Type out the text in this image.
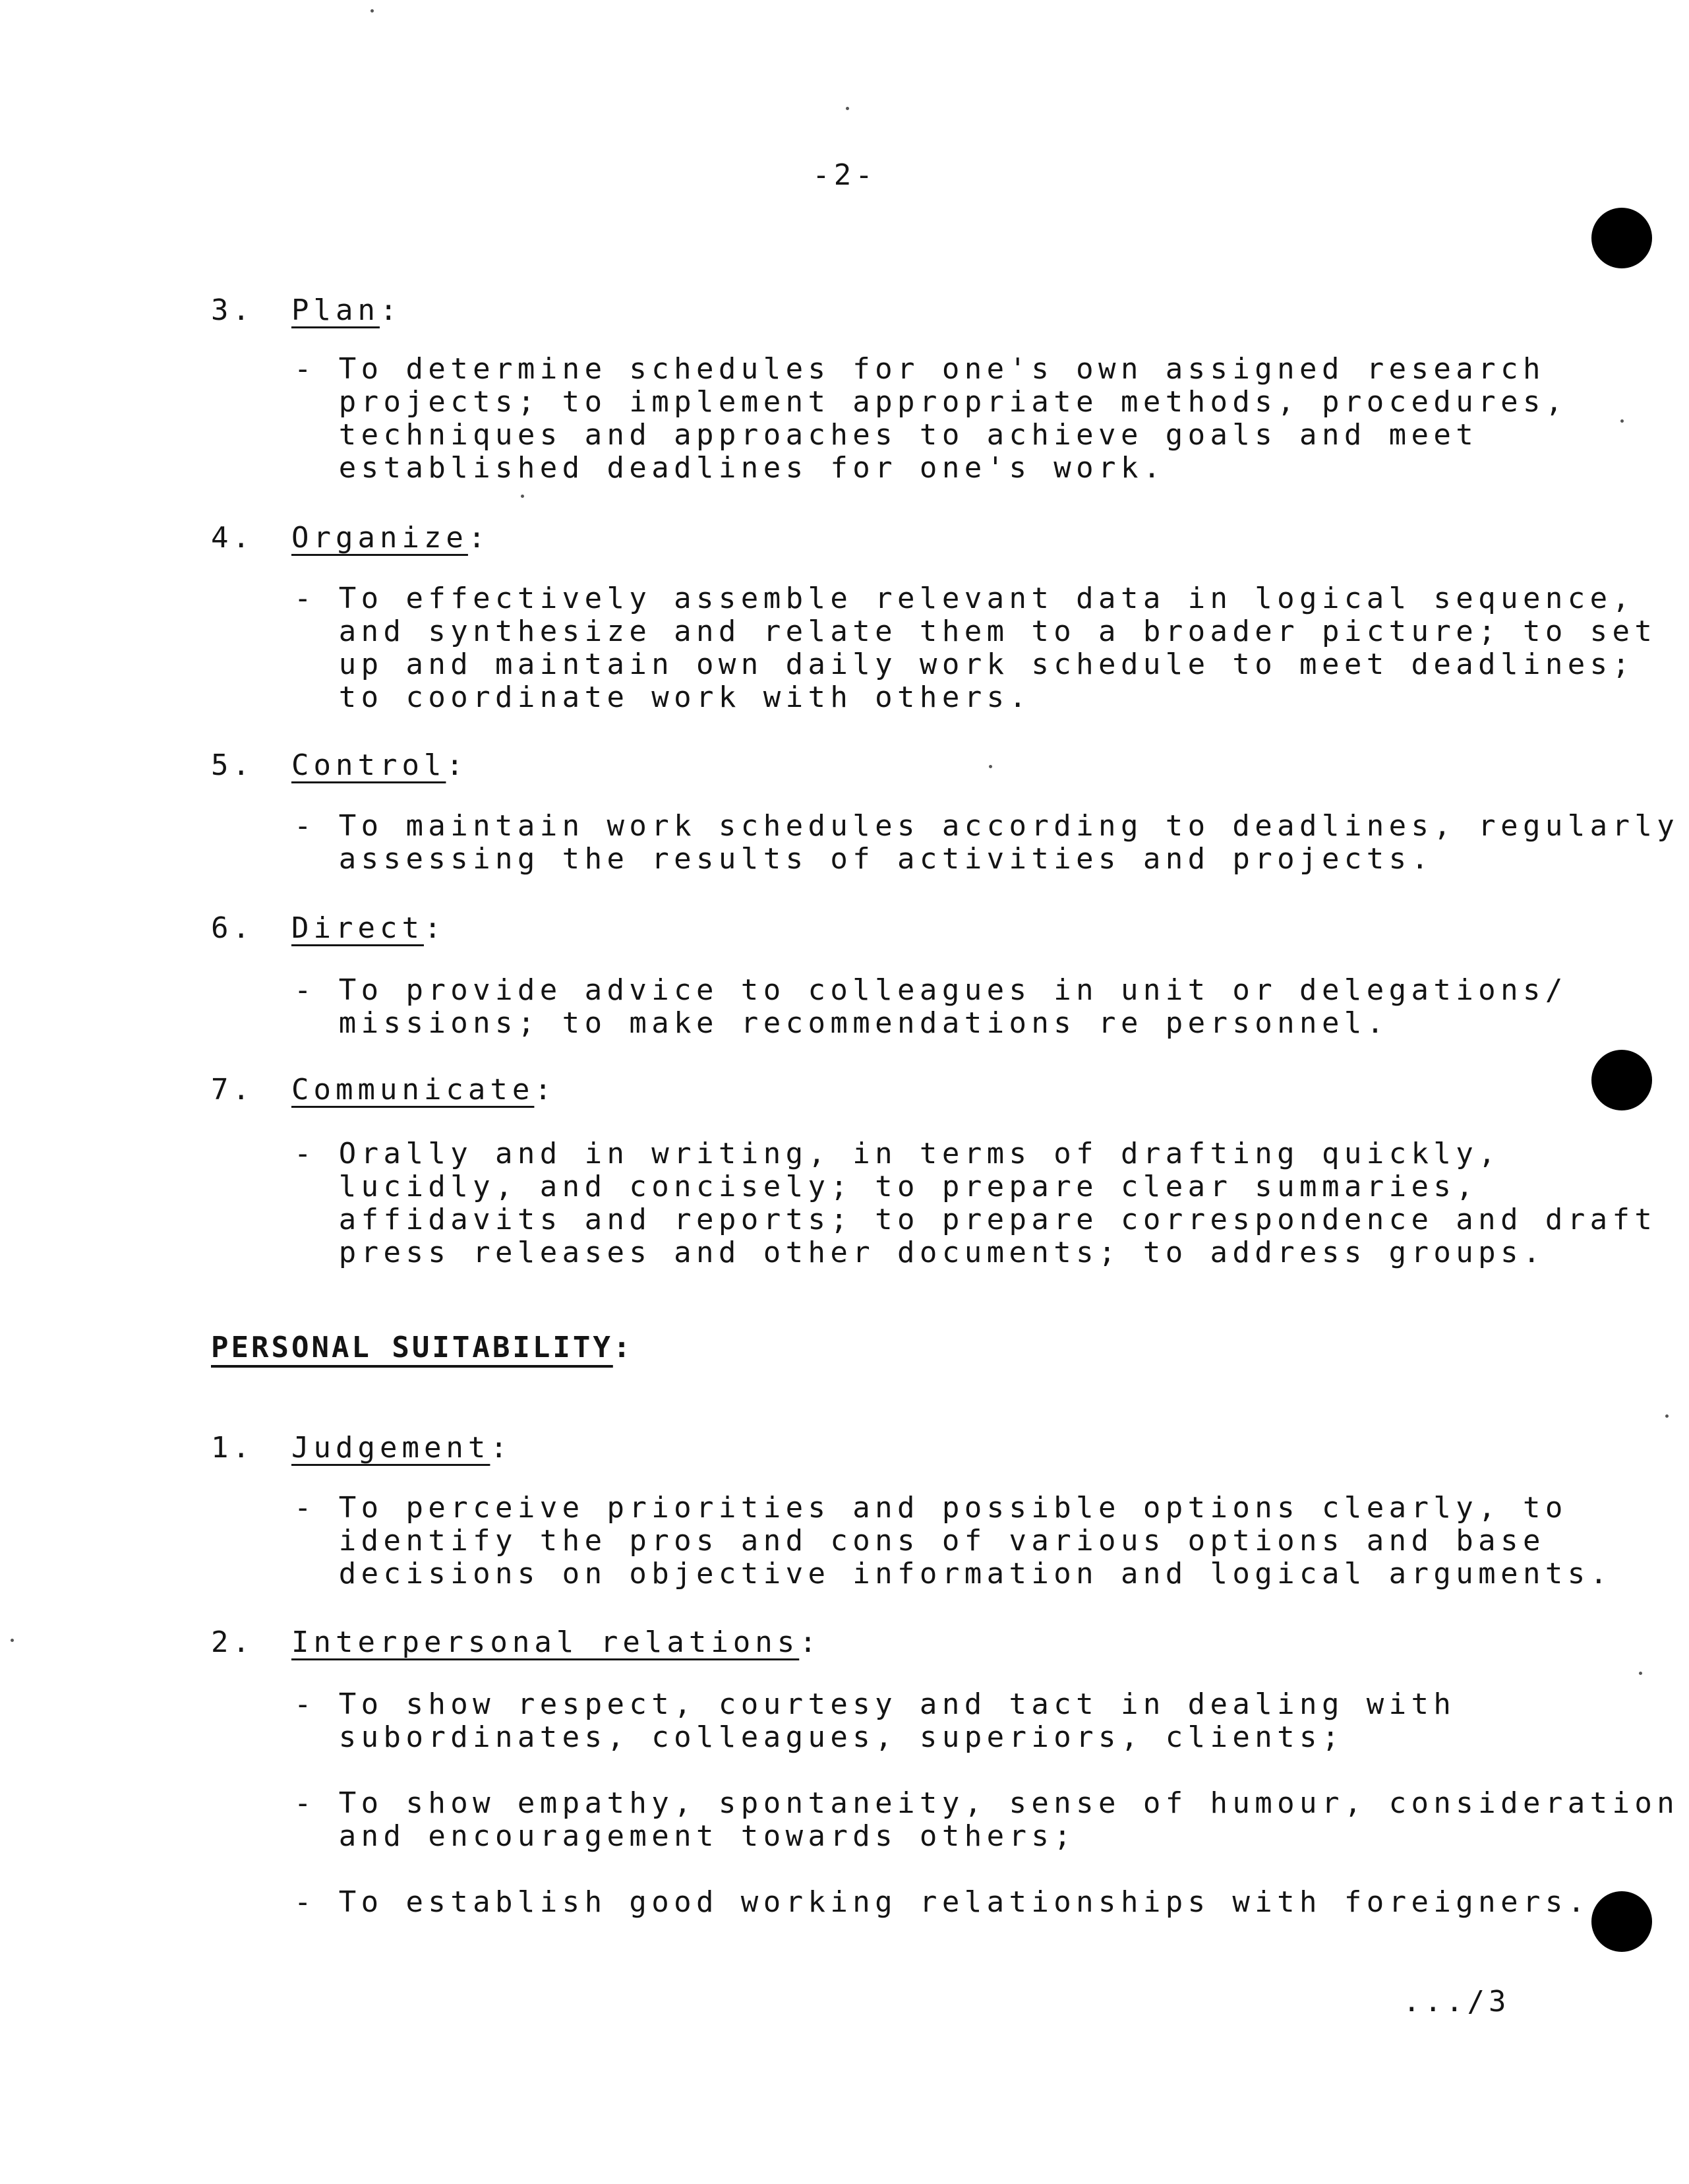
-2-
3. Plan:
- To determine schedules for one's own assigned research
projects; to implement appropriate methods, procedures,
techniques and approaches to achieve goals and meet
established deadlines for one's work.
4. Organize:
- To effectively assemble relevant data in logical sequence,
and synthesize and relate them to a broader picture; to set
up and maintain own daily work schedule to meet deadlines;
to coordinate work with others.
5. Control:
- To maintain work schedules according to deadlines, regularly
assessing the results of activities and projects.
6. Direct:
- To provide advice to colleagues in unit or delegations/
missions; to make recommendations re personnel.
7. Communicate:
- Orally and in writing, in terms of drafting quickly,
lucidly, and concisely; to prepare clear summaries,
affidavits and reports; to prepare correspondence and draft
press releases and other documents; to address groups.
PERSONAL SUITABILITY:
1. Judgement:
- To perceive priorities and possible options clearly, to
identify the pros and cons of various options and base
decisions on objective information and logical arguments.
2. Interpersonal relations:
- To show respect, courtesy and tact in dealing with
subordinates, colleagues, superiors, clients;
- To show empathy, spontaneity, sense of humour, consideration
and encouragement towards others;
- To establish good working relationships with foreigners.
.../3
